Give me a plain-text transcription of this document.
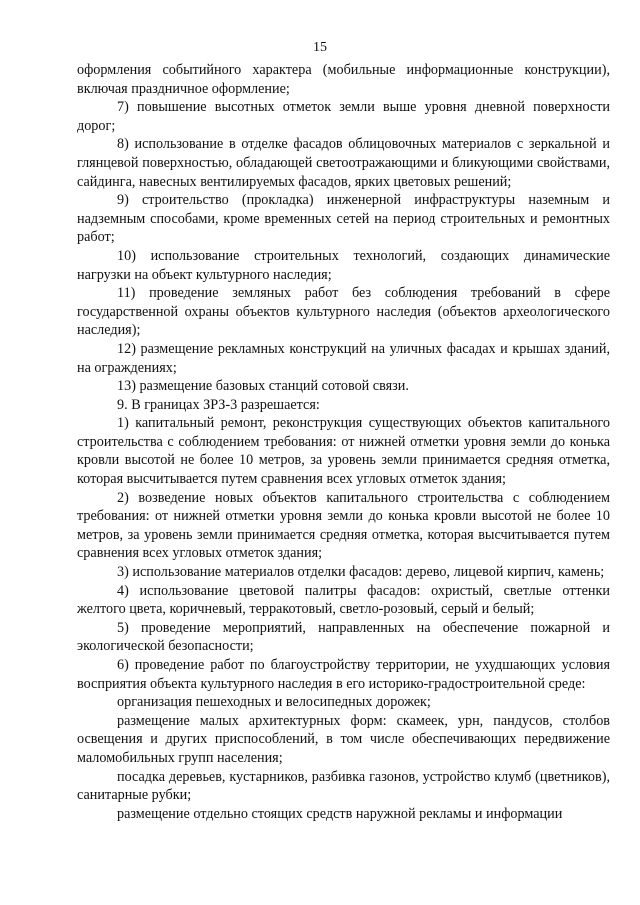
15

оформления событийного характера (мобильные информационные конструкции), включая праздничное оформление;

7) повышение высотных отметок земли выше уровня дневной поверхности дорог;

8) использование в отделке фасадов облицовочных материалов с зеркальной и глянцевой поверхностью, обладающей светоотражающими и бликующими свойствами, сайдинга, навесных вентилируемых фасадов, ярких цветовых решений;

9) строительство (прокладка) инженерной инфраструктуры наземным и надземным способами, кроме временных сетей на период строительных и ремонтных работ;

10) использование строительных технологий, создающих динамические нагрузки на объект культурного наследия;

11) проведение земляных работ без соблюдения требований в сфере государственной охраны объектов культурного наследия (объектов археологического наследия);

12) размещение рекламных конструкций на уличных фасадах и крышах зданий, на ограждениях;

13) размещение базовых станций сотовой связи.

9. В границах ЗРЗ-3 разрешается:

1) капитальный ремонт, реконструкция существующих объектов капитального строительства с соблюдением требования: от нижней отметки уровня земли до конька кровли высотой не более 10 метров, за уровень земли принимается средняя отметка, которая высчитывается путем сравнения всех угловых отметок здания;

2) возведение новых объектов капитального строительства с соблюдением требования: от нижней отметки уровня земли до конька кровли высотой не более 10 метров, за уровень земли принимается средняя отметка, которая высчитывается путем сравнения всех угловых отметок здания;

3) использование материалов отделки фасадов: дерево, лицевой кирпич, камень;

4) использование цветовой палитры фасадов: охристый, светлые оттенки желтого цвета, коричневый, терракотовый, светло-розовый, серый и белый;

5) проведение мероприятий, направленных на обеспечение пожарной и экологической безопасности;

6) проведение работ по благоустройству территории, не ухудшающих условия восприятия объекта культурного наследия в его историко-градостроительной среде:

организация пешеходных и велосипедных дорожек;

размещение малых архитектурных форм: скамеек, урн, пандусов, столбов освещения и других приспособлений, в том числе обеспечивающих передвижение маломобильных групп населения;

посадка деревьев, кустарников, разбивка газонов, устройство клумб (цветников), санитарные рубки;

размещение отдельно стоящих средств наружной рекламы и информации
